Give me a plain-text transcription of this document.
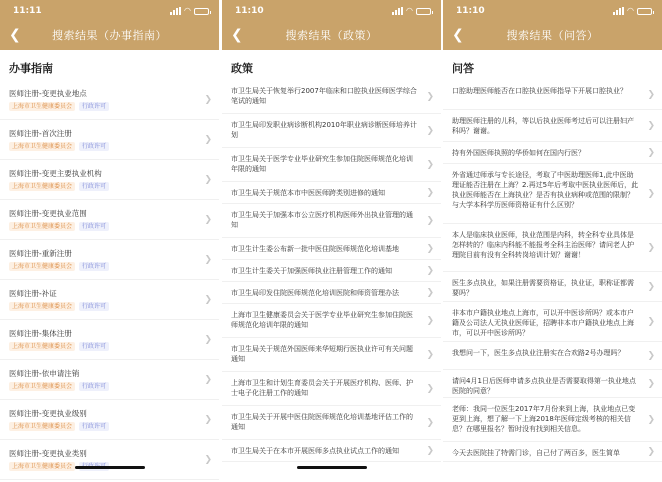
11:11	◠
❮	搜索结果（办事指南）
办事指南
医师注册-变更执业地点
上海市卫生健康委员会	行政许可
❯
医师注册-首次注册
上海市卫生健康委员会	行政许可
❯
医师注册-变更主要执业机构
上海市卫生健康委员会	行政许可
❯
医师注册-变更执业范围
上海市卫生健康委员会	行政许可
❯
医师注册-重新注册
上海市卫生健康委员会	行政许可
❯
医师注册-补证
上海市卫生健康委员会	行政许可
❯
医师注册-集体注册
上海市卫生健康委员会	行政许可
❯
医师注册-依申请注销
上海市卫生健康委员会	行政许可
❯
医师注册-变更执业级别
上海市卫生健康委员会	行政许可
❯
医师注册-变更执业类别
上海市卫生健康委员会
❯
11:10	◠
❮	搜索结果（政策）
政策
市卫生局关于恢复举行2007年临床和口腔执业医师医学综合笔试的通知	❯
市卫生局印发职业病诊断机构2010年职业病诊断医师培养计划	❯
市卫生局关于医学专业毕业研究生参加住院医师规范化培训年限的通知	❯
市卫生局关于规范本市中医医师跨类别进修的通知	❯
市卫生局关于加强本市公立医疗机构医师外出执业管理的通知	❯
市卫生计生委公布新一批中医住院医师规范化培训基地	❯
市卫生计生委关于加强医师执业注册管理工作的通知	❯
市卫生局印发住院医师规范化培训医院和师资管理办法	❯
上海市卫生健康委员会关于医学专业毕业研究生参加住院医师规范化培训年限的通知	❯
市卫生局关于规范外国医师来华短期行医执业许可有关问题通知	❯
上海市卫生和计划生育委员会关于开展医疗机构、医师、护士电子化注册工作的通知	❯
市卫生局关于开展中医住院医师规范化培训基地评估工作的通知	❯
市卫生局关于在本市开展医师多点执业试点工作的通知	❯
11:10	◠
❮	搜索结果（问答）
问答
口腔助理医师能否在口腔执业医师指导下开展口腔执业？	❯
助理医师注册的儿科，等以后执业医师考过后可以注册妇产科吗？谢谢。
❯
持有外国医师执照的华侨如何在国内行医？	❯
外省通过师承与专长途径，考取了中医助理医师1,此中医助理证能否注册在上海？2.再过5年后考取中医执业医师后，此执业医师能否在上海执业？是否有执业病种或范围的限制？与大学本科学历医师资格证有什么区别？
❯
本人是临床执业医师，执业范围是内科，转全科专业具体是怎样转的？临床内科能不能报考全科主治医师？请问老人护理院目前有没有全科转岗培训计划？谢谢！
❯
医生多点执业，如果注册需要资格证，执业证，职称证都需要吗？
❯
非本市户籍执业地点上海市，可以开中医诊所吗？或本市户籍及公司法人无执业医师证，招聘非本市户籍执业地点上海市，可以开中医诊所吗？
❯
我想问一下，医生多点执业注册实在合欢路2号办理吗？	❯
请问4月1日后医师申请多点执业是否需要取得第一执业地点医院的同意？
❯
老师：我同一位医生2017年7月份来到上海，执业地点已变更到上海，想了解一下上海2018年医师定级考核的相关信息？在哪里报名？暂时没有找到相关信息。
❯
今天去医院挂了特需门诊，自己付了两百多，医生简单	❯
